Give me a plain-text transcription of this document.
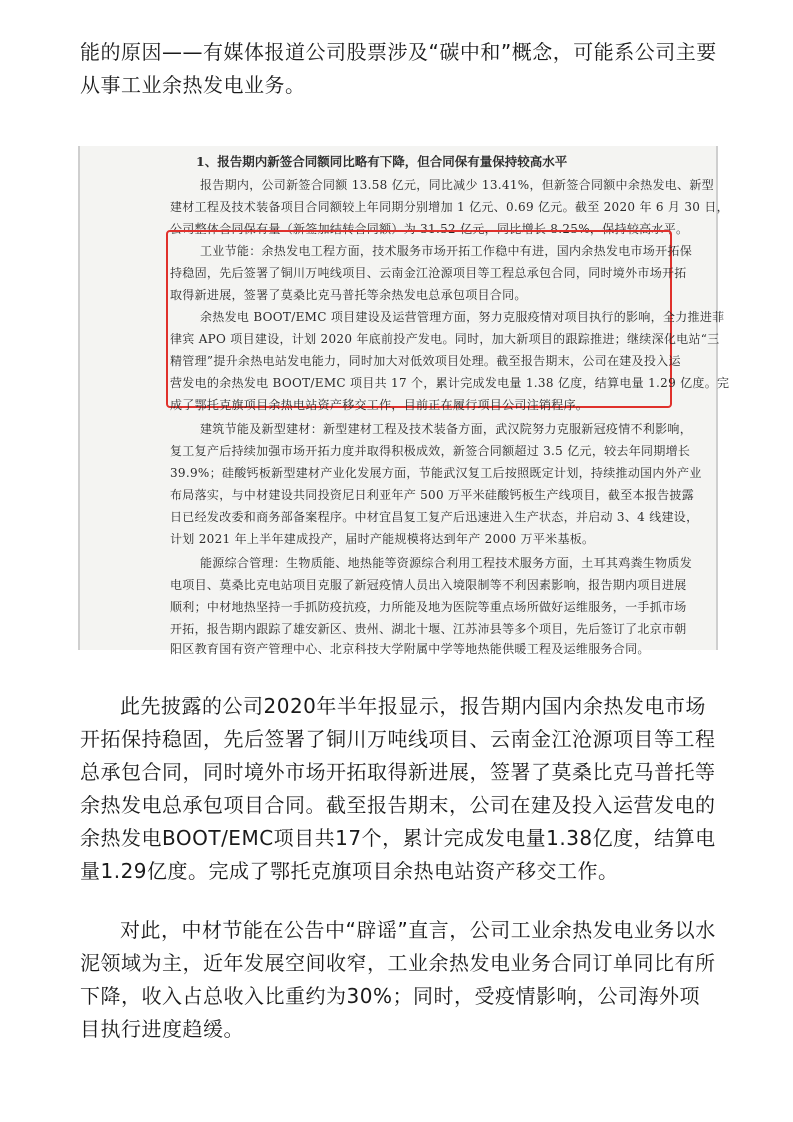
能的原因——有媒体报道公司股票涉及“碳中和”概念，可能系公司主要
从事工业余热发电业务。
1、报告期内新签合同额同比略有下降，但合同保有量保持较高水平
报告期内，公司新签合同额 13.58 亿元，同比减少 13.41%，但新签合同额中余热发电、新型
建材工程及技术装备项目合同额较上年同期分别增加 1 亿元、0.69 亿元。截至 2020 年 6 月 30 日，
公司整体合同保有量（新签加结转合同额）为 31.52 亿元，同比增长 8.25%，保持较高水平。
工业节能：余热发电工程方面，技术服务市场开拓工作稳中有进，国内余热发电市场开拓保
持稳固，先后签署了铜川万吨线项目、云南金江沧源项目等工程总承包合同，同时境外市场开拓
取得新进展，签署了莫桑比克马普托等余热发电总承包项目合同。
余热发电 BOOT/EMC 项目建设及运营管理方面，努力克服疫情对项目执行的影响，全力推进菲
律宾 APO 项目建设，计划 2020 年底前投产发电。同时，加大新项目的跟踪推进；继续深化电站“三
精管理”提升余热电站发电能力，同时加大对低效项目处理。截至报告期末，公司在建及投入运
营发电的余热发电 BOOT/EMC 项目共 17 个，累计完成发电量 1.38 亿度，结算电量 1.29 亿度。完
成了鄂托克旗项目余热电站资产移交工作，目前正在履行项目公司注销程序。
建筑节能及新型建材：新型建材工程及技术装备方面，武汉院努力克服新冠疫情不利影响，
复工复产后持续加强市场开拓力度并取得积极成效，新签合同额超过 3.5 亿元，较去年同期增长
39.9%；硅酸钙板新型建材产业化发展方面，节能武汉复工后按照既定计划，持续推动国内外产业
布局落实，与中材建设共同投资尼日利亚年产 500 万平米硅酸钙板生产线项目，截至本报告披露
日已经发改委和商务部备案程序。中材宜昌复工复产后迅速进入生产状态，并启动 3、4 线建设，
计划 2021 年上半年建成投产，届时产能规模将达到年产 2000 万平米基板。
能源综合管理：生物质能、地热能等资源综合利用工程技术服务方面，土耳其鸡粪生物质发
电项目、莫桑比克电站项目克服了新冠疫情人员出入境限制等不利因素影响，报告期内项目进展
顺利；中材地热坚持一手抓防疫抗疫，力所能及地为医院等重点场所做好运维服务，一手抓市场
开拓，报告期内跟踪了雄安新区、贵州、湖北十堰、江苏沛县等多个项目，先后签订了北京市朝
阳区教育国有资产管理中心、北京科技大学附属中学等地热能供暖工程及运维服务合同。
此先披露的公司2020年半年报显示，报告期内国内余热发电市场
开拓保持稳固，先后签署了铜川万吨线项目、云南金江沧源项目等工程
总承包合同，同时境外市场开拓取得新进展，签署了莫桑比克马普托等
余热发电总承包项目合同。截至报告期末，公司在建及投入运营发电的
余热发电BOOT/EMC项目共17个，累计完成发电量1.38亿度，结算电
量1.29亿度。完成了鄂托克旗项目余热电站资产移交工作。
对此，中材节能在公告中“辟谣”直言，公司工业余热发电业务以水
泥领域为主，近年发展空间收窄，工业余热发电业务合同订单同比有所
下降，收入占总收入比重约为30%；同时，受疫情影响，公司海外项
目执行进度趋缓。
